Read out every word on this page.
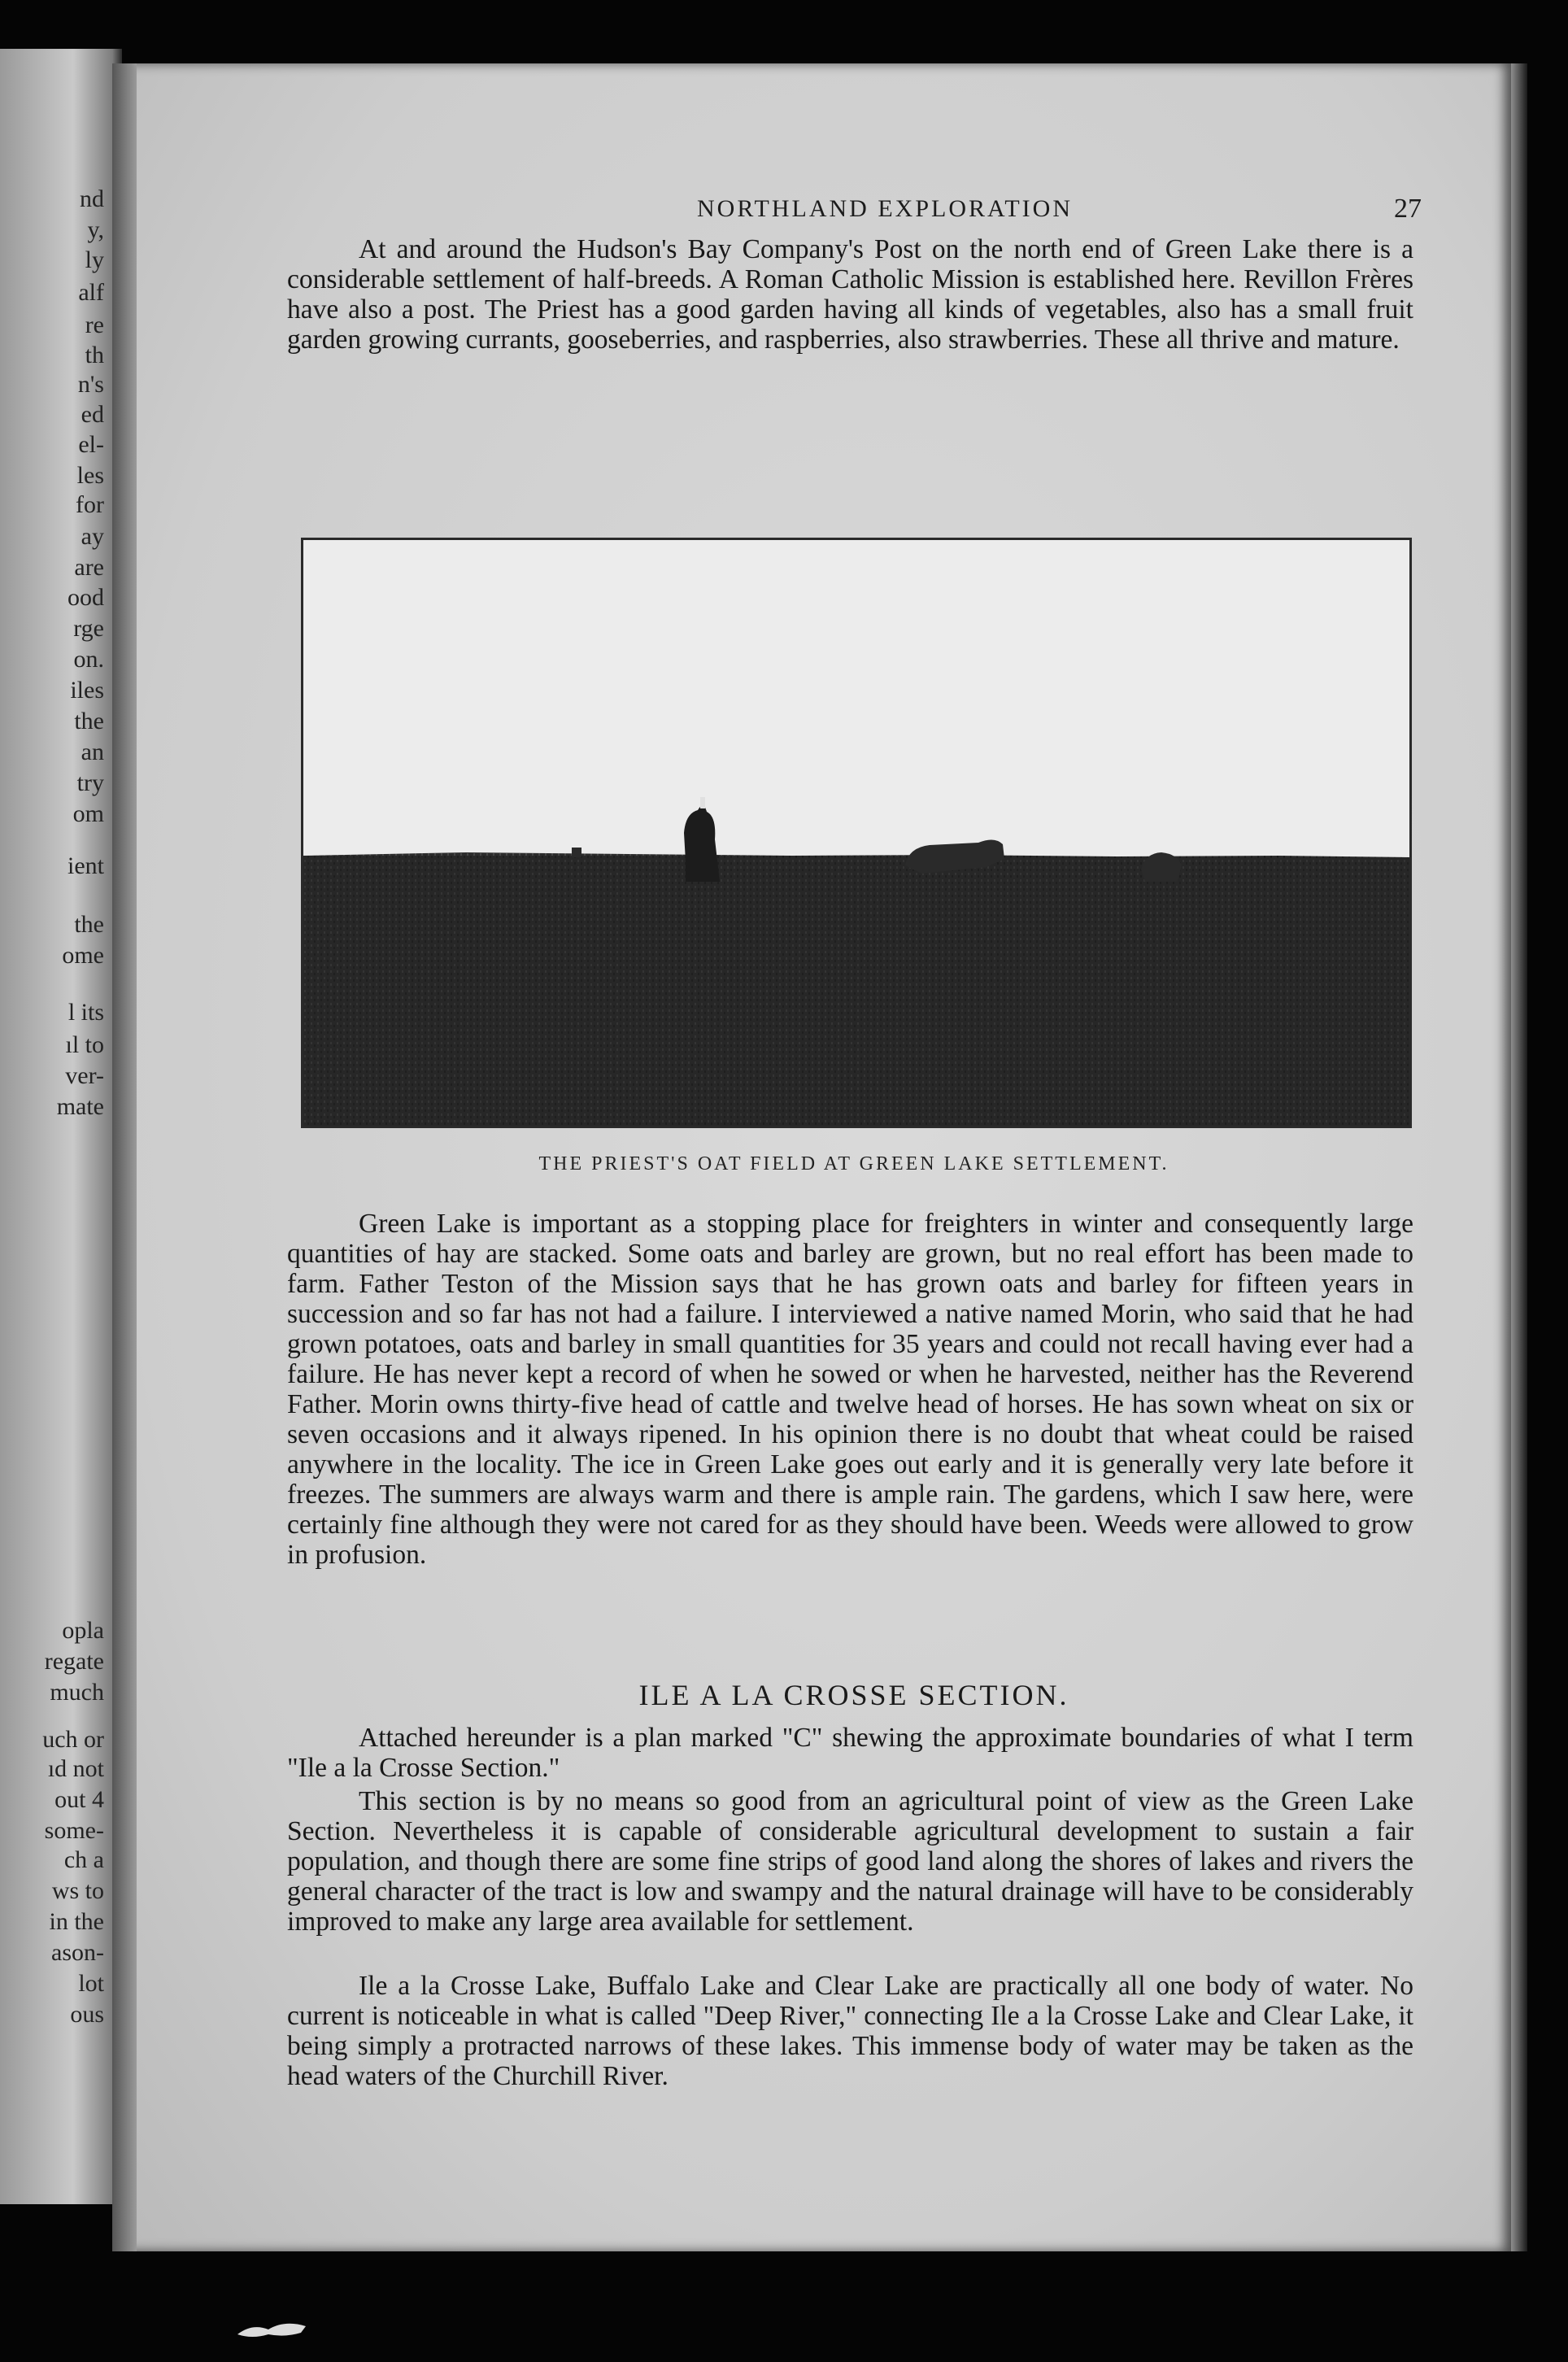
nd
y,
ly
alf
re
th
n's
ed
el-
les
for
ay
are
ood
rge
on.
iles
the
an
try
om
ient
the
ome
l its
ıl to
ver-
mate
opla
regate
much
uch or
ıd not
out 4
some-
ch a
ws to
in the
ason-
lot
ous
NORTHLAND EXPLORATION	27

At and around the Hudson's Bay Company's Post on the north end of Green Lake there is a considerable settlement of half-breeds. A Roman Catholic Mission is established here. Revillon Frères have also a post. The Priest has a good garden having all kinds of vegetables, also has a small fruit garden growing currants, gooseberries, and raspberries, also strawberries. These all thrive and mature.

THE PRIEST'S OAT FIELD AT GREEN LAKE SETTLEMENT.

Green Lake is important as a stopping place for freighters in winter and consequently large quantities of hay are stacked. Some oats and barley are grown, but no real effort has been made to farm. Father Teston of the Mission says that he has grown oats and barley for fifteen years in succession and so far has not had a failure. I interviewed a native named Morin, who said that he had grown potatoes, oats and barley in small quantities for 35 years and could not recall having ever had a failure. He has never kept a record of when he sowed or when he harvested, neither has the Reverend Father. Morin owns thirty-five head of cattle and twelve head of horses. He has sown wheat on six or seven occasions and it always ripened. In his opinion there is no doubt that wheat could be raised anywhere in the locality. The ice in Green Lake goes out early and it is generally very late before it freezes. The summers are always warm and there is ample rain. The gardens, which I saw here, were certainly fine although they were not cared for as they should have been. Weeds were allowed to grow in profusion.

ILE A LA CROSSE SECTION.

Attached hereunder is a plan marked "C" shewing the approximate boundaries of what I term "Ile a la Crosse Section."

This section is by no means so good from an agricultural point of view as the Green Lake Section. Nevertheless it is capable of considerable agricultural development to sustain a fair population, and though there are some fine strips of good land along the shores of lakes and rivers the general character of the tract is low and swampy and the natural drainage will have to be considerably improved to make any large area available for settlement.

Ile a la Crosse Lake, Buffalo Lake and Clear Lake are practically all one body of water. No current is noticeable in what is called "Deep River," connecting Ile a la Crosse Lake and Clear Lake, it being simply a protracted narrows of these lakes. This immense body of water may be taken as the head waters of the Churchill River.
